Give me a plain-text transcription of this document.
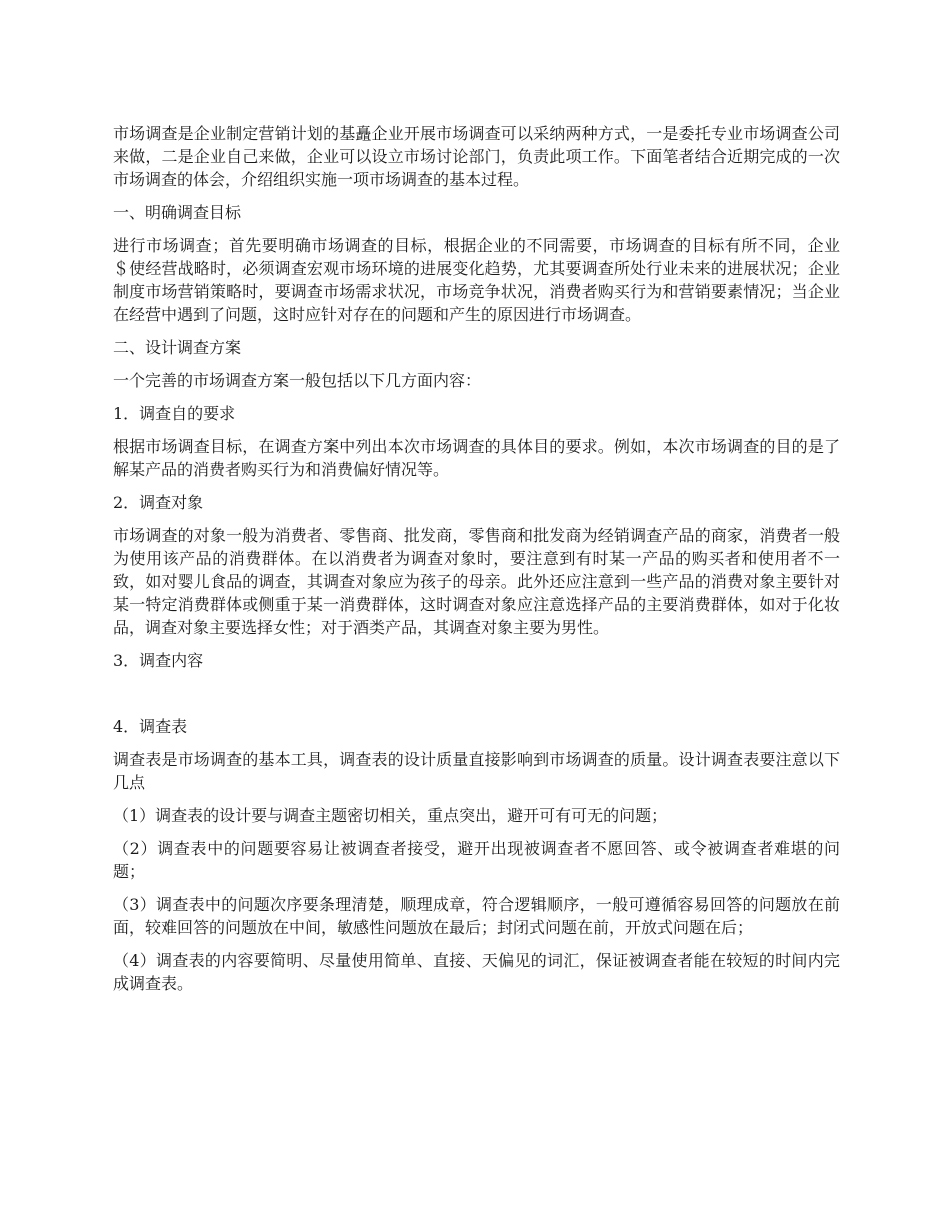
市场调查是企业制定营销计划的基矗企业开展市场调查可以采纳两种方式，一是委托专业市场调查公司来做，二是企业自己来做，企业可以设立市场讨论部门，负责此项工作。下面笔者结合近期完成的一次市场调查的体会，介绍组织实施一项市场调查的基本过程。

一、明确调查目标

进行市场调查；首先要明确市场调查的目标，根据企业的不同需要，市场调查的目标有所不同，企业＄使经营战略时，必须调查宏观市场环境的进展变化趋势，尤其要调查所处行业未来的进展状况；企业制度市场营销策略时，要调查市场需求状况，市场竞争状况，消费者购买行为和营销要素情况；当企业在经营中遇到了问题，这时应针对存在的问题和产生的原因进行市场调查。

二、设计调查方案

一个完善的市场调查方案一般包括以下几方面内容：

1．调查自的要求

根据市场调查目标，在调查方案中列出本次市场调查的具体目的要求。例如，本次市场调查的目的是了解某产品的消费者购买行为和消费偏好情况等。

2．调查对象

市场调查的对象一般为消费者、零售商、批发商，零售商和批发商为经销调查产品的商家，消费者一般为使用该产品的消费群体。在以消费者为调查对象时，要注意到有时某一产品的购买者和使用者不一致，如对婴儿食品的调查，其调查对象应为孩子的母亲。此外还应注意到一些产品的消费对象主要针对某一特定消费群体或侧重于某一消费群体，这时调查对象应注意选择产品的主要消费群体，如对于化妆品，调查对象主要选择女性；对于酒类产品，其调查对象主要为男性。

3．调查内容

4．调查表

调查表是市场调查的基本工具，调查表的设计质量直接影响到市场调查的质量。设计调查表要注意以下几点

（1）调查表的设计要与调查主题密切相关，重点突出，避开可有可无的问题；

（2）调查表中的问题要容易让被调查者接受，避开出现被调查者不愿回答、或令被调查者难堪的问题；

（3）调查表中的问题次序要条理清楚，顺理成章，符合逻辑顺序，一般可遵循容易回答的问题放在前面，较难回答的问题放在中间，敏感性问题放在最后；封闭式问题在前，开放式问题在后；

（4）调查表的内容要简明、尽量使用简单、直接、天偏见的词汇，保证被调查者能在较短的时间内完成调查表。
